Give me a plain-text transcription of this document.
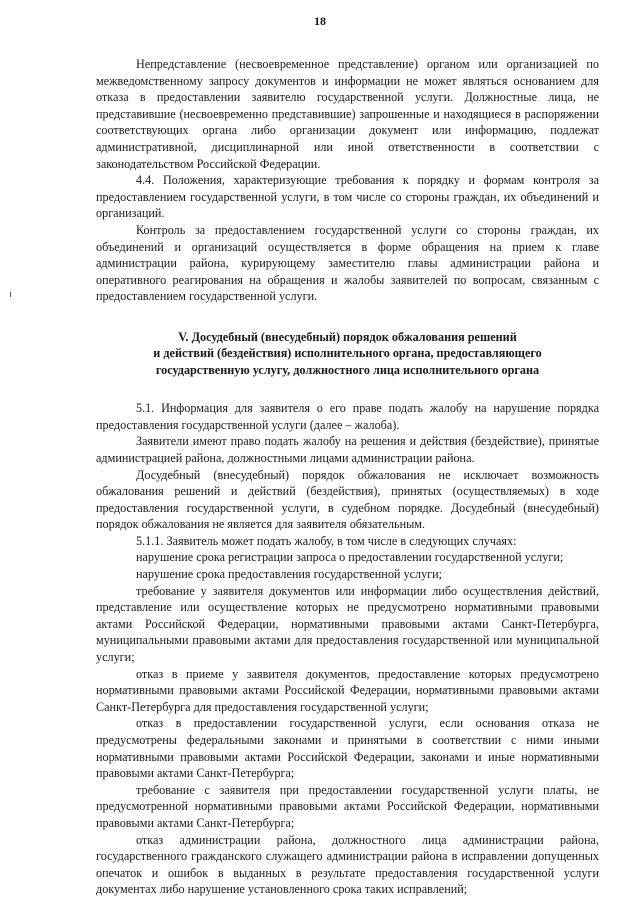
18

Непредставление (несвоевременное представление) органом или организацией по межведомственному запросу документов и информации не может являться основанием для отказа в предоставлении заявителю государственной услуги. Должностные лица, не представившие (несвоевременно представившие) запрошенные и находящиеся в распоряжении соответствующих органа либо организации документ или информацию, подлежат административной, дисциплинарной или иной ответственности в соответствии с законодательством Российской Федерации.

4.4. Положения, характеризующие требования к порядку и формам контроля за предоставлением государственной услуги, в том числе со стороны граждан, их объединений и организаций.

Контроль за предоставлением государственной услуги со стороны граждан, их объединений и организаций осуществляется в форме обращения на прием к главе администрации района, курирующему заместителю главы администрации района и оперативного реагирования на обращения и жалобы заявителей по вопросам, связанным с предоставлением государственной услуги.

V. Досудебный (внесудебный) порядок обжалования решений
и действий (бездействия) исполнительного органа, предоставляющего
государственную услугу, должностного лица исполнительного органа

5.1. Информация для заявителя о его праве подать жалобу на нарушение порядка предоставления государственной услуги (далее – жалоба).

Заявители имеют право подать жалобу на решения и действия (бездействие), принятые администрацией района, должностными лицами администрации района.

Досудебный (внесудебный) порядок обжалования не исключает возможность обжалования решений и действий (бездействия), принятых (осуществляемых) в ходе предоставления государственной услуги, в судебном порядке. Досудебный (внесудебный) порядок обжалования не является для заявителя обязательным.

5.1.1. Заявитель может подать жалобу, в том числе в следующих случаях:

нарушение срока регистрации запроса о предоставлении государственной услуги;

нарушение срока предоставления государственной услуги;

требование у заявителя документов или информации либо осуществления действий, представление или осуществление которых не предусмотрено нормативными правовыми актами Российской Федерации, нормативными правовыми актами Санкт-Петербурга, муниципальными правовыми актами для предоставления государственной или муниципальной услуги;

отказ в приеме у заявителя документов, предоставление которых предусмотрено нормативными правовыми актами Российской Федерации, нормативными правовыми актами Санкт-Петербурга для предоставления государственной услуги;

отказ в предоставлении государственной услуги, если основания отказа не предусмотрены федеральными законами и принятыми в соответствии с ними иными нормативными правовыми актами Российской Федерации, законами и иные нормативными правовыми актами Санкт-Петербурга;

требование с заявителя при предоставлении государственной услуги платы, не предусмотренной нормативными правовыми актами Российской Федерации, нормативными правовыми актами Санкт-Петербурга;

отказ администрации района, должностного лица администрации района, государственного гражданского служащего администрации района в исправлении допущенных опечаток и ошибок в выданных в результате предоставления государственной услуги документах либо нарушение установленного срока таких исправлений;
